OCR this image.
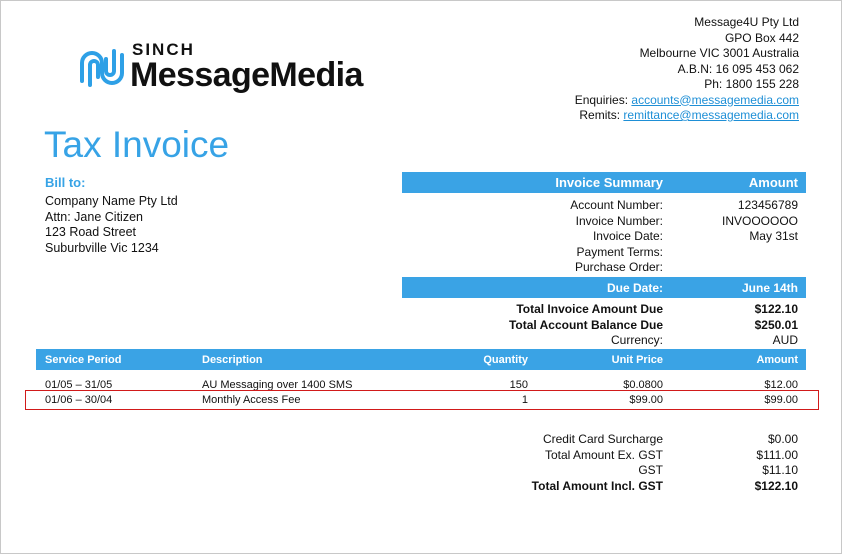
SINCH
MessageMedia
Message4U Pty Ltd
GPO Box 442
Melbourne VIC 3001 Australia
A.B.N: 16 095 453 062
Ph: 1800 155 228
Enquiries: accounts@messagemedia.com
Remits: remittance@messagemedia.com
Tax Invoice
Bill to:
Company Name Pty Ltd
Attn: Jane Citizen
123 Road Street
Suburbville Vic 1234
Invoice Summary	Amount
Account Number:	123456789
Invoice Number:	INVOOOOOO
Invoice Date:	May 31st
Payment Terms:
Purchase Order:
Due Date:	June 14th
Total Invoice Amount Due	$122.10
Total Account Balance Due	$250.01
Currency:	AUD
Service Period	Description	Quantity	Unit Price	Amount
01/05 – 31/05	AU Messaging over 1400 SMS	150	$0.0800	$12.00
01/06 – 30/04	Monthly Access Fee	1	$99.00	$99.00
Credit Card Surcharge	$0.00
Total Amount Ex. GST	$111.00
GST	$11.10
Total Amount Incl. GST	$122.10
